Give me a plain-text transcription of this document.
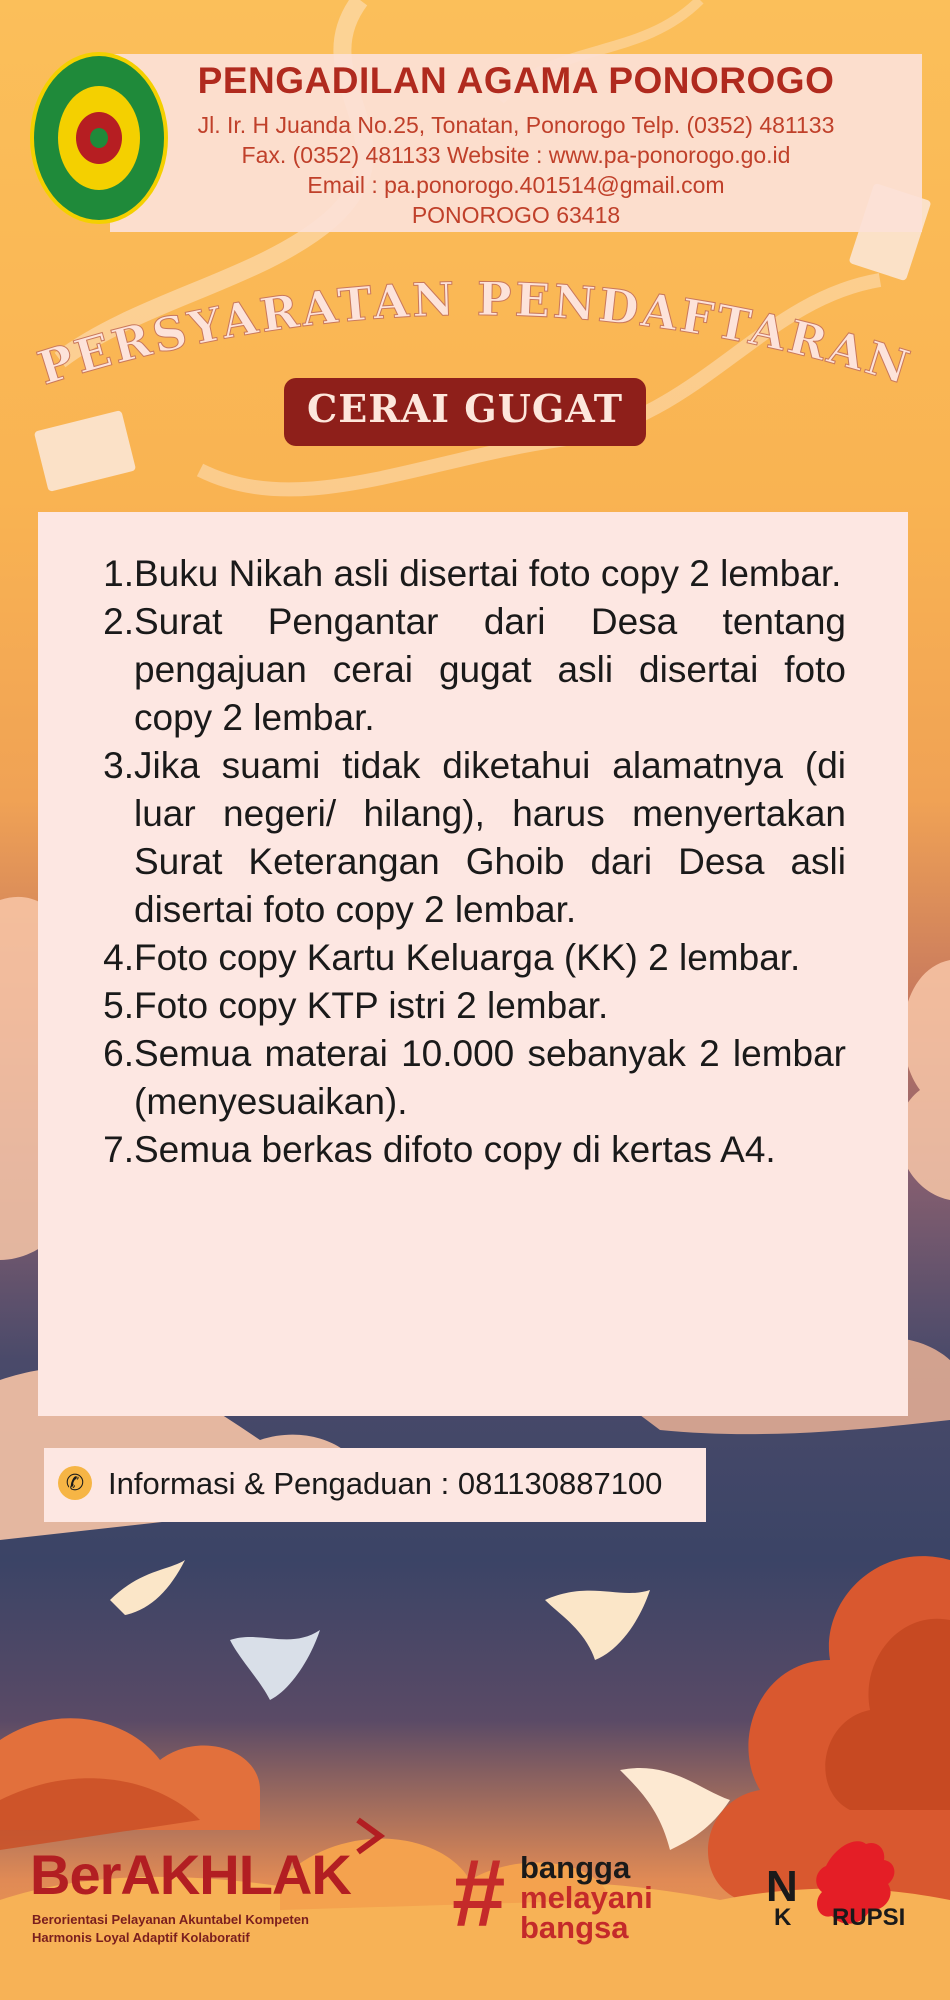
PENGADILAN AGAMA PONOROGO
Jl. Ir. H Juanda No.25, Tonatan, Ponorogo Telp. (0352) 481133
Fax. (0352) 481133 Website : www.pa-ponorogo.go.id
Email : pa.ponorogo.401514@gmail.com
PONOROGO 63418
PERSYARATAN PENDAFTARAN
CERAI GUGAT
1. Buku Nikah asli disertai foto copy 2 lembar.
2. Surat Pengantar dari Desa tentang pengajuan cerai gugat asli disertai foto copy 2 lembar.
3. Jika suami tidak diketahui alamatnya (di luar negeri/ hilang), harus menyertakan Surat Keterangan Ghoib dari Desa asli disertai foto copy 2 lembar.
4. Foto copy Kartu Keluarga (KK) 2 lembar.
5. Foto copy KTP istri 2 lembar.
6. Semua materai 10.000 sebanyak 2 lembar (menyesuaikan).
7. Semua berkas difoto copy di kertas A4.
✆ Informasi & Pengaduan : 081130887100
BerAKHLAK
Berorientasi Pelayanan Akuntabel Kompeten
Harmonis Loyal Adaptif Kolaboratif # bangga
melayani
bangsa
N
K RUPSI
